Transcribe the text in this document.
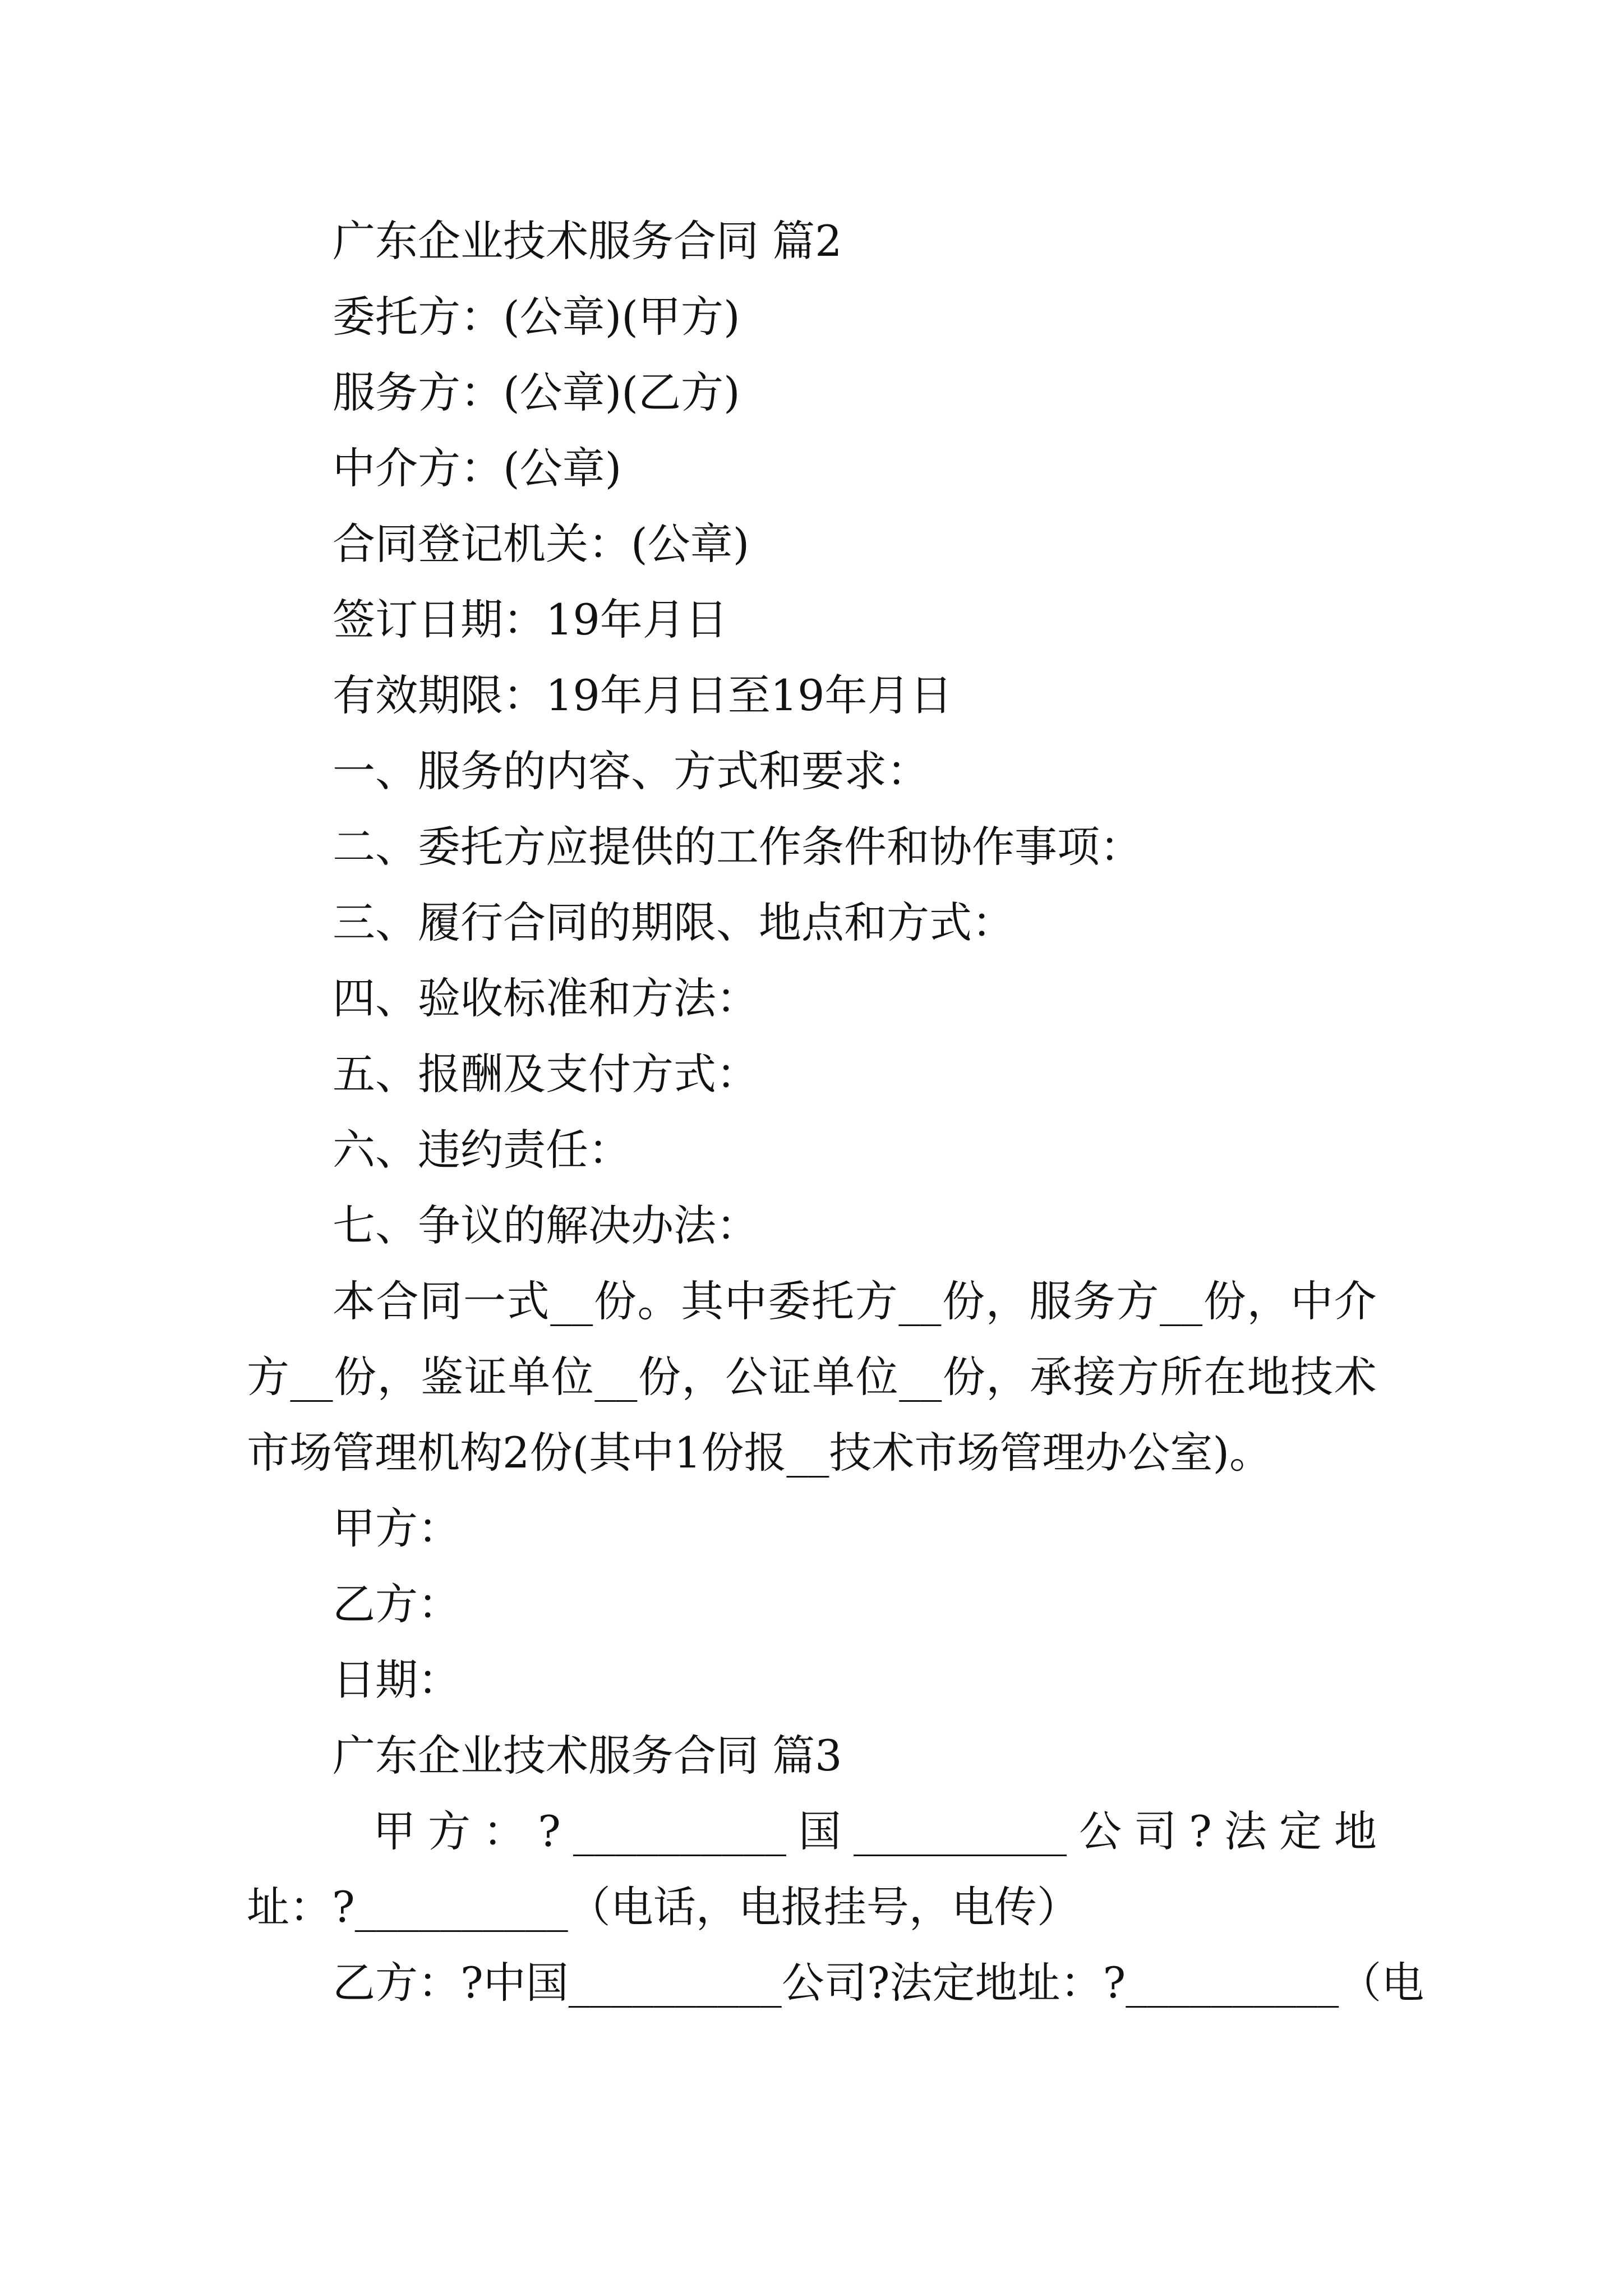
广东企业技术服务合同 篇2
委托方：(公章)(甲方)
服务方：(公章)(乙方)
中介方：(公章)
合同登记机关：(公章)
签订日期：19年月日
有效期限：19年月日至19年月日
一、服务的内容、方式和要求：
二、委托方应提供的工作条件和协作事项：
三、履行合同的期限、地点和方式：
四、验收标准和方法：
五、报酬及支付方式：
六、违约责任：
七、争议的解决办法：
本 合 同 一 式 __ 份 。 其 中 委 托 方 __ 份 ， 服 务 方 __ 份 ， 中 介
方 __ 份 ， 鉴 证 单 位 __ 份 ， 公 证 单 位 __ 份 ， 承 接 方 所 在 地 技 术
市场管理机构2份(其中1份报__技术市场管理办公室)。
甲方：
乙方：
日期：
广东企业技术服务合同 篇3
甲 方 ： ? __________ 国 __________ 公 司 ? 法 定 地
址：?__________（电话，电报挂号，电传）
乙方：?中国__________公司?法定地址：?__________ （电
